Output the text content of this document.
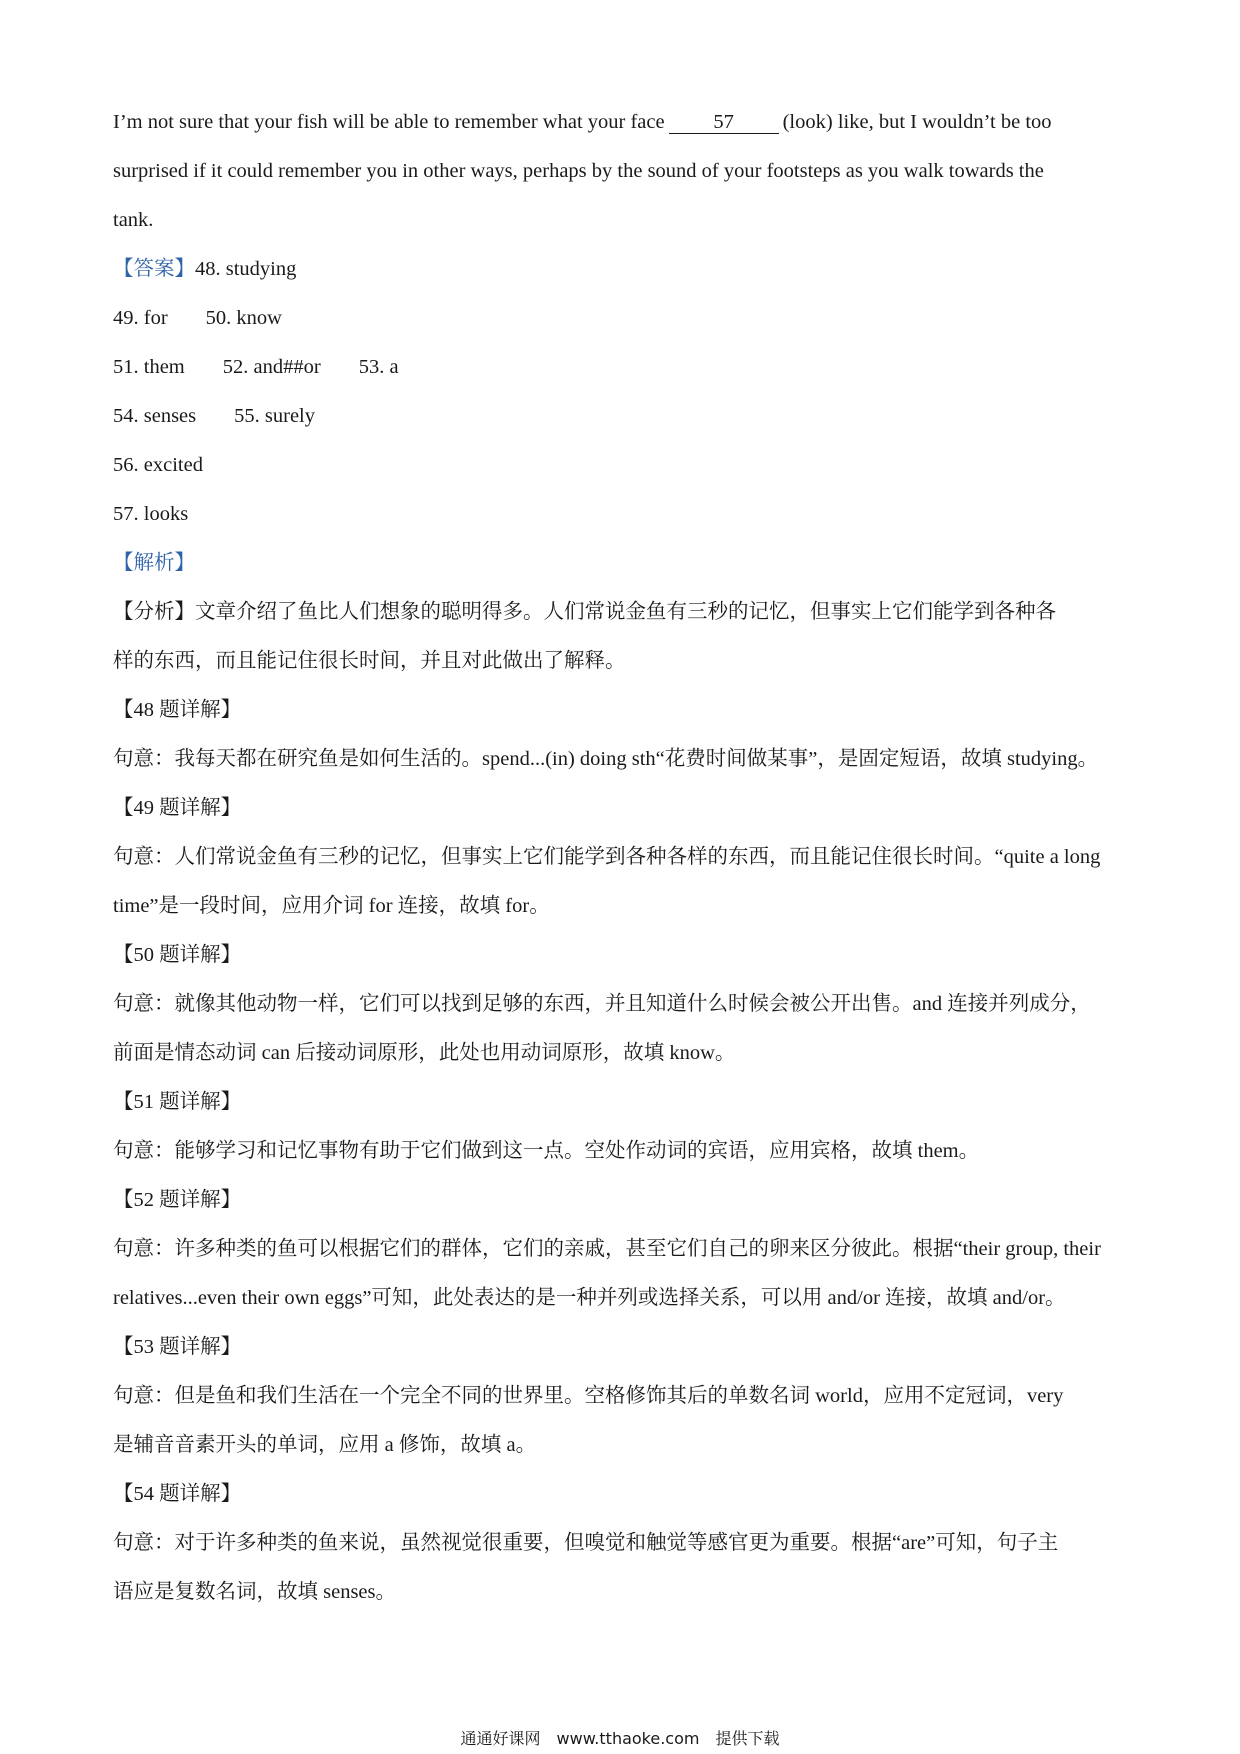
I’m not sure that your fish will be able to remember what your face 57 (look) like, but I wouldn’t be too
surprised if it could remember you in other ways, perhaps by the sound of your footsteps as you walk towards the
tank.
【答案】48. studying
49. for 50. know
51. them 52. and##or 53. a
54. senses 55. surely
56. excited
57. looks
【解析】
【分析】文章介绍了鱼比人们想象的聪明得多。人们常说金鱼有三秒的记忆，但事实上它们能学到各种各
样的东西，而且能记住很长时间，并且对此做出了解释。
【48 题详解】
句意：我每天都在研究鱼是如何生活的。spend...(in) doing sth“花费时间做某事”，是固定短语，故填 studying。
【49 题详解】
句意：人们常说金鱼有三秒的记忆，但事实上它们能学到各种各样的东西，而且能记住很长时间。“quite a long
time”是一段时间，应用介词 for 连接，故填 for。
【50 题详解】
句意：就像其他动物一样，它们可以找到足够的东西，并且知道什么时候会被公开出售。and 连接并列成分，
前面是情态动词 can 后接动词原形，此处也用动词原形，故填 know。
【51 题详解】
句意：能够学习和记忆事物有助于它们做到这一点。空处作动词的宾语，应用宾格，故填 them。
【52 题详解】
句意：许多种类的鱼可以根据它们的群体，它们的亲戚，甚至它们自己的卵来区分彼此。根据“their group, their
relatives...even their own eggs”可知，此处表达的是一种并列或选择关系，可以用 and/or 连接，故填 and/or。
【53 题详解】
句意：但是鱼和我们生活在一个完全不同的世界里。空格修饰其后的单数名词 world，应用不定冠词，very
是辅音音素开头的单词，应用 a 修饰，故填 a。
【54 题详解】
句意：对于许多种类的鱼来说，虽然视觉很重要，但嗅觉和触觉等感官更为重要。根据“are”可知，句子主
语应是复数名词，故填 senses。
通通好课网　www.tthaoke.com　提供下载
